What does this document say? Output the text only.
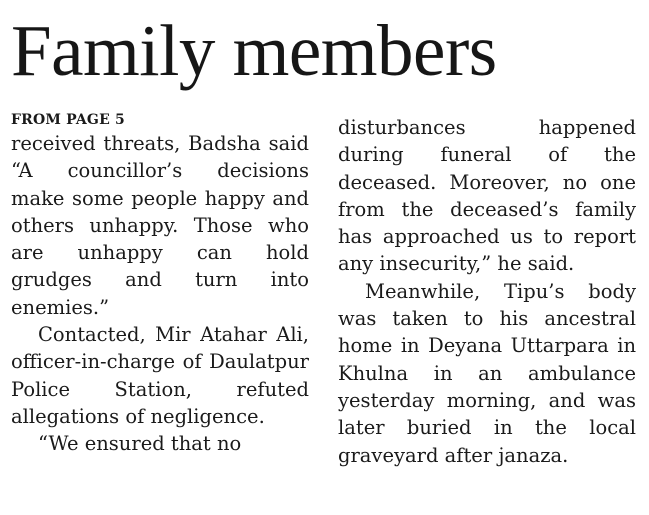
Family members
FROM PAGE 5

received threats, Badsha said “A councillor’s decisions make some people happy and others unhappy. Those who are unhappy can hold grudges and turn into enemies.”

Contacted, Mir Atahar Ali, officer-in-charge of Daulatpur Police Station, refuted allegations of negligence.

“We ensured that no

disturbances happened during funeral of the deceased. Moreover, no one from the deceased’s family has approached us to report any insecurity,” he said.

Meanwhile, Tipu’s body was taken to his ancestral home in Deyana Uttarpara in Khulna in an ambulance yesterday morning, and was later buried in the local graveyard after janaza.
